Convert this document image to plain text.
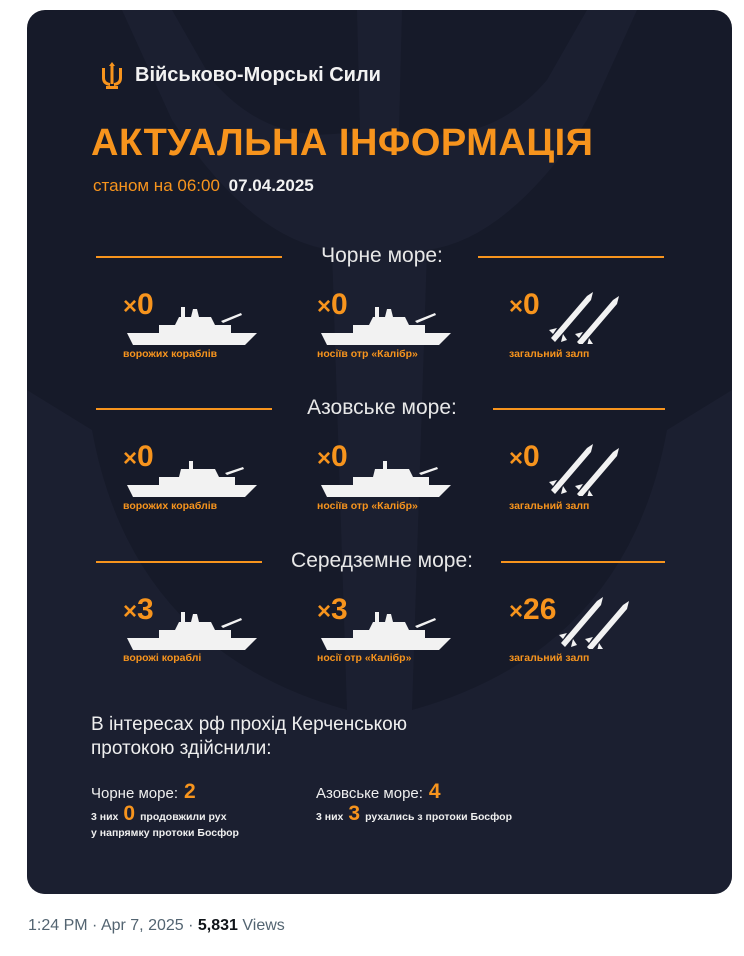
Військово-Морські Сили
АКТУАЛЬНА ІНФОРМАЦІЯ
станом на 06:00 07.04.2025
Чорне море:
×0
ворожих кораблів
×0
носіїв отр «Калібр»
×0
загальний залп
Азовське море:
×0
ворожих кораблів
×0
носіїв отр «Калібр»
×0
загальний залп
Середземне море:
×3
ворожі кораблі
×3
носії отр «Калібр»
×26
загальний залп
В інтересах рф прохід Керченською протокою здійснили:
Чорне море: 2
3 них 0 продовжили рух
у напрямку протоки Босфор
Азовське море: 4
3 них 3 рухались з протоки Босфор
1:24 PM · Apr 7, 2025 · 5,831 Views
